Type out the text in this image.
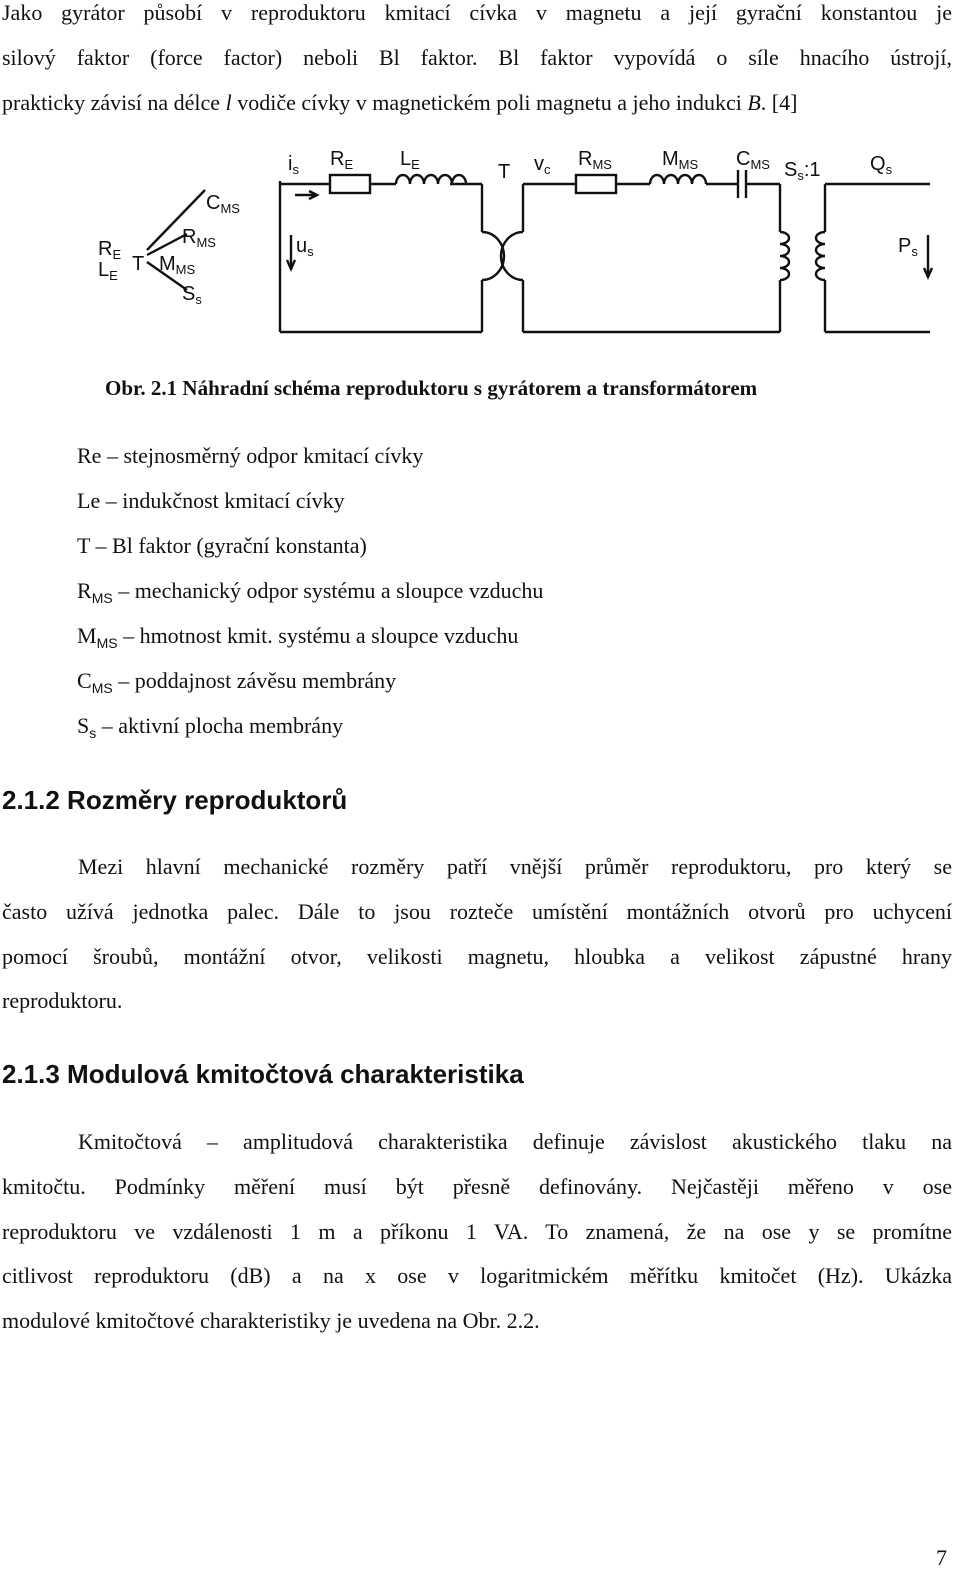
Jako gyrátor působí v reproduktoru kmitací cívka v magnetu a její gyrační konstantou je
silový faktor (force factor) neboli Bl faktor. Bl faktor vypovídá o síle hnacího ústrojí,
prakticky závisí na délce l vodiče cívky v magnetickém poli magnetu a jeho indukci B. [4]
$R_E$
$L_E$
T
$C_{MS}$
$R_{MS}$
$M_{MS}$
$S_s$
$i_s$ $R_E$ $L_E$	T $v_c$ $R_{MS}$	$M_{MS}$ $C_{MS}$ $S_s:1$ $Q_s$
$u_s$	$P_s$
Obr. 2.1 Náhradní schéma reproduktoru s gyrátorem a transformátorem
Re – stejnosměrný odpor kmitací cívky
Le – indukčnost kmitací cívky
T – Bl faktor (gyrační konstanta)
$R_{MS}$ – mechanický odpor systému a sloupce vzduchu
$M_{MS}$ – hmotnost kmit. systému a sloupce vzduchu
$C_{MS}$ – poddajnost závěsu membrány
$S_s$ – aktivní plocha membrány
2.1.2 Rozměry reproduktorů
Mezi hlavní mechanické rozměry patří vnější průměr reproduktoru, pro který se
často užívá jednotka palec. Dále to jsou rozteče umístění montážních otvorů pro uchycení
pomocí šroubů, montážní otvor, velikosti magnetu, hloubka a velikost zápustné hrany
reproduktoru.
2.1.3 Modulová kmitočtová charakteristika
Kmitočtová – amplitudová charakteristika definuje závislost akustického tlaku na
kmitočtu. Podmínky měření musí být přesně definovány. Nejčastěji měřeno v ose
reproduktoru ve vzdálenosti 1 m a příkonu 1 VA. To znamená, že na ose y se promítne
citlivost reproduktoru (dB) a na x ose v logaritmickém měřítku kmitočet (Hz). Ukázka
modulové kmitočtové charakteristiky je uvedena na Obr. 2.2.
7
